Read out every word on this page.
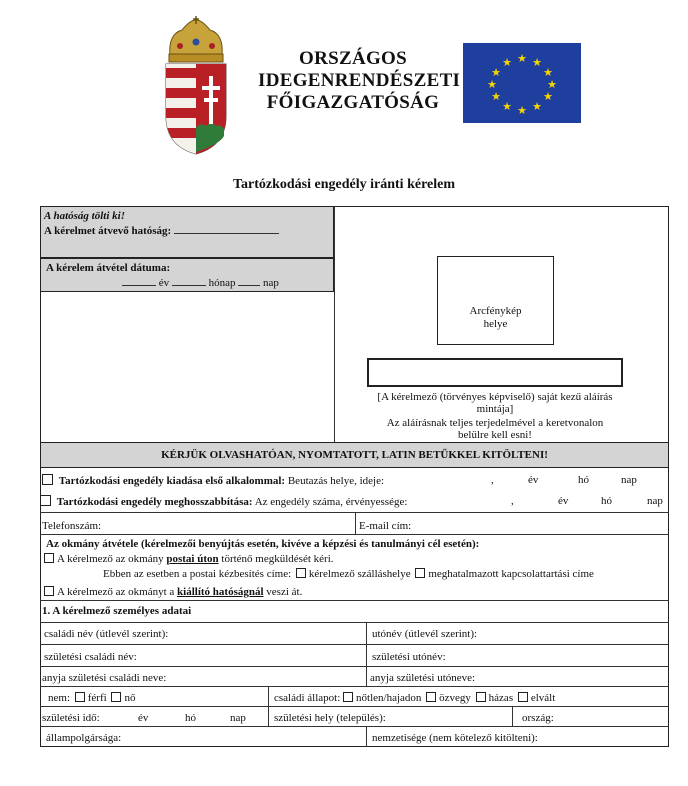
ORSZÁGOS
IDEGENRENDÉSZETI
FŐIGAZGATÓSÁG
★ ★
★
★
★
★
★
★
★
★
★
★
Tartózkodási engedély iránti kérelem
A hatóság tölti ki!
A kérelmet átvevő hatóság:
A kérelem átvétel dátuma:
év	hónap	nap
Arcfénykép
helye
[A kérelmező (törvényes képviselő) saját kezű aláírás mintája]
Az aláírásnak teljes terjedelmével a keretvonalon belülre kell esni!
KÉRJÜK OLVASHATÓAN, NYOMTATOTT, LATIN BETŰKKEL KITÖLTENI!
Tartózkodási engedély kiadása első alkalommal: Beutazás helye, ideje:	,	év	hó	nap
Tartózkodási engedély meghosszabbítása: Az engedély száma, érvényessége:	,	év	hó	nap
Telefonszám:	E-mail cím:
Az okmány átvétele (kérelmezői benyújtás esetén, kivéve a képzési és tanulmányi cél esetén):
A kérelmező az okmány postai úton történő megküldését kéri.
Ebben az esetben a postai kézbesítés címe: kérelmező szálláshelye meghatalmazott kapcsolattartási címe
A kérelmező az okmányt a kiállító hatóságnál veszi át.
1. A kérelmező személyes adatai
családi név (útlevél szerint):	utónév (útlevél szerint):
születési családi név:	születési utónév:
anyja születési családi neve:	anyja születési utóneve:
nem: férfi nő	családi állapot: nőtlen/hajadon özvegy házas elvált
születési idő:	év	hó	nap	születési hely (település):	ország:
állampolgársága:	nemzetisége (nem kötelező kitölteni):
